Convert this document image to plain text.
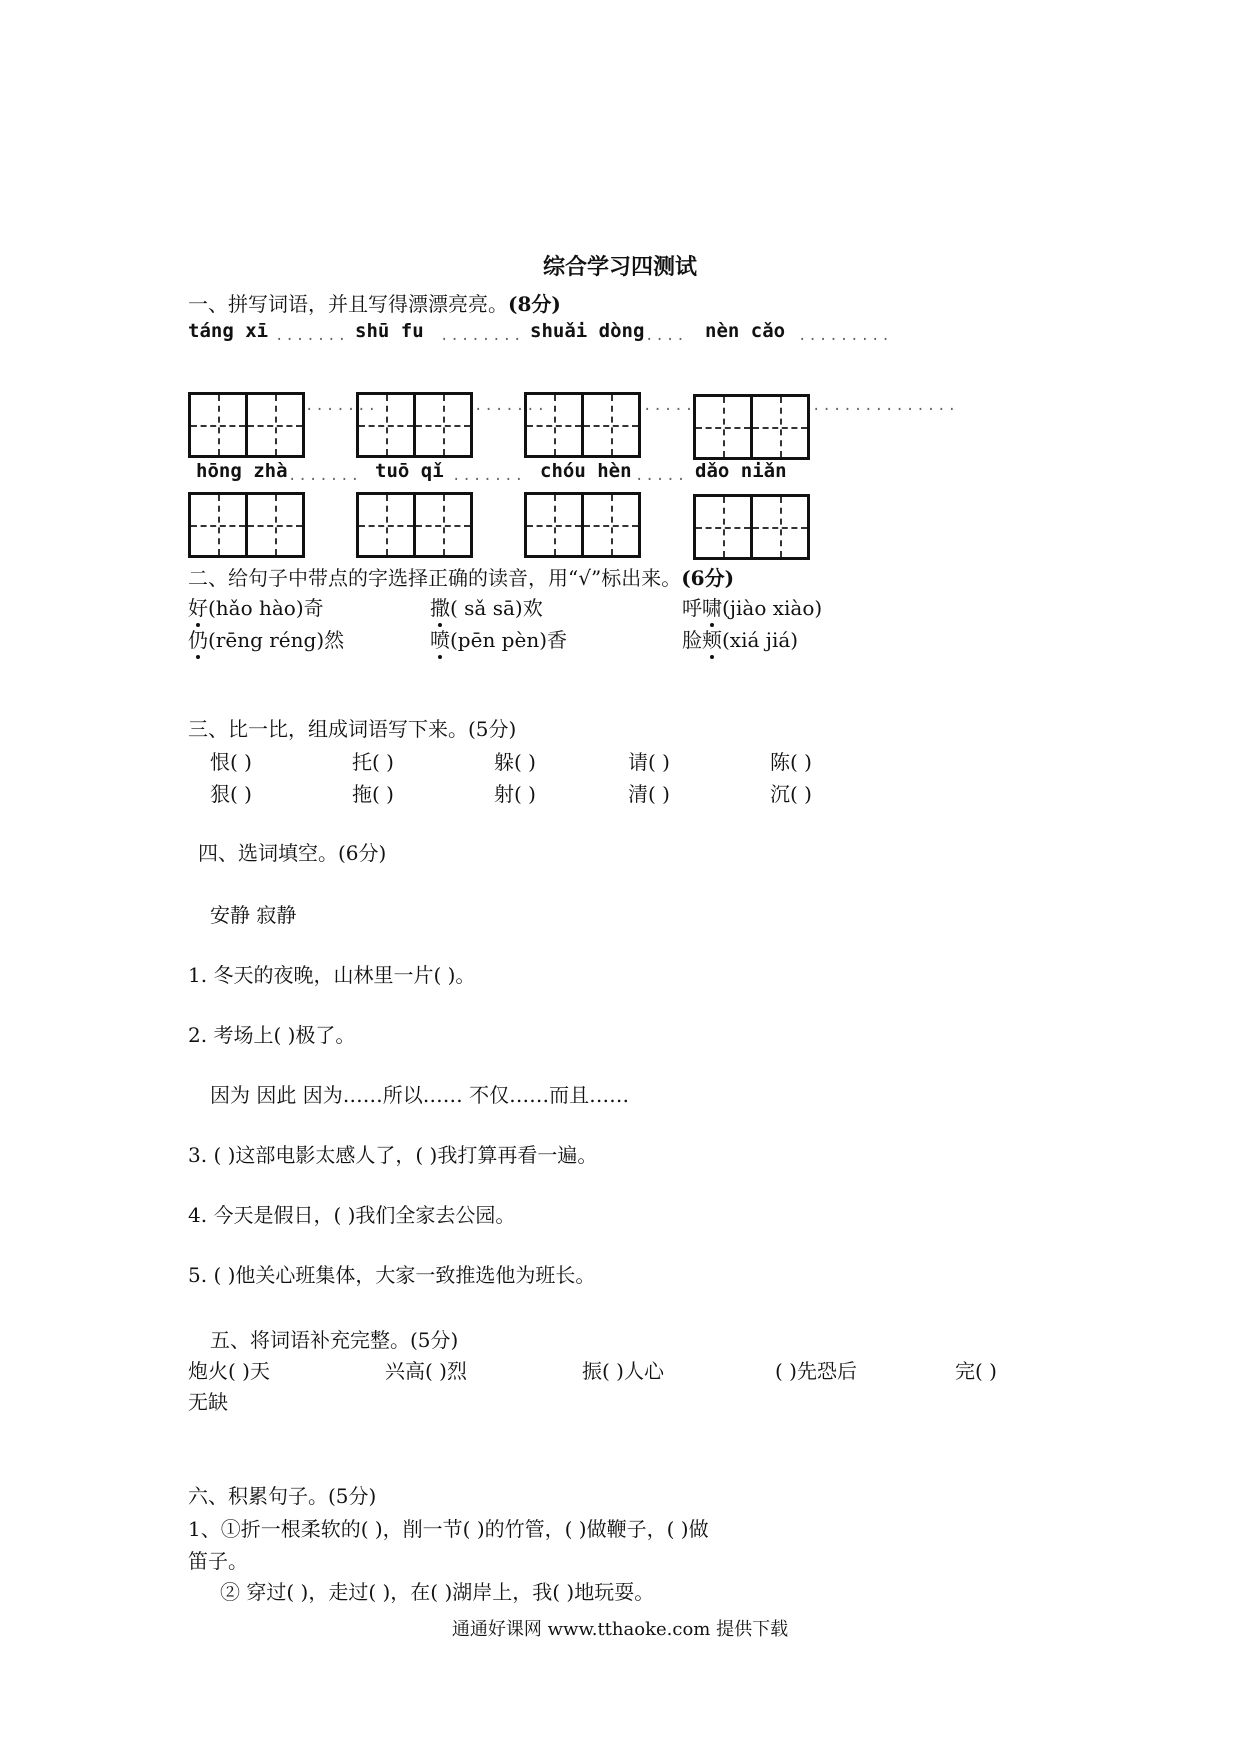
综合学习四测试
一、拼写词语，并且写得漂漂亮亮。(8分)
táng xī ....... shū fu ........ shuǎi dòng .... nèn cǎo .........
.......	.......	.....	..............
hōng zhà ....... tuō qǐ ....... chóu hèn ..... dǎo niǎn
二、给句子中带点的字选择正确的读音，用“√”标出来。(6分)
好(hǎo hào)奇	撒( sǎ sā)欢	呼啸(jiào xiào)
仍(rēng réng)然	喷(pēn pèn)香	脸颊(xiá jiá)
三、比一比，组成词语写下来。(5分)
恨( )	托( )	躲( )	请( )	陈( )
狠( )	拖( )	射( )	清( )	沉( )
四、选词填空。(6分)
安静 寂静
1. 冬天的夜晚，山林里一片( )。
2. 考场上( )极了。
因为 因此 因为……所以…… 不仅……而且……
3. ( )这部电影太感人了，( )我打算再看一遍。
4. 今天是假日，( )我们全家去公园。
5. ( )他关心班集体，大家一致推选他为班长。
五、将词语补充完整。(5分)
炮火( )天	兴高( )烈	振( )人心	( )先恐后	完( )
无缺
六、积累句子。(5分)
1、①折一根柔软的( )，削一节( )的竹管，( )做鞭子，( )做
笛子。
② 穿过( )，走过( )，在( )湖岸上，我( )地玩耍。
通通好课网 www.tthaoke.com 提供下载
